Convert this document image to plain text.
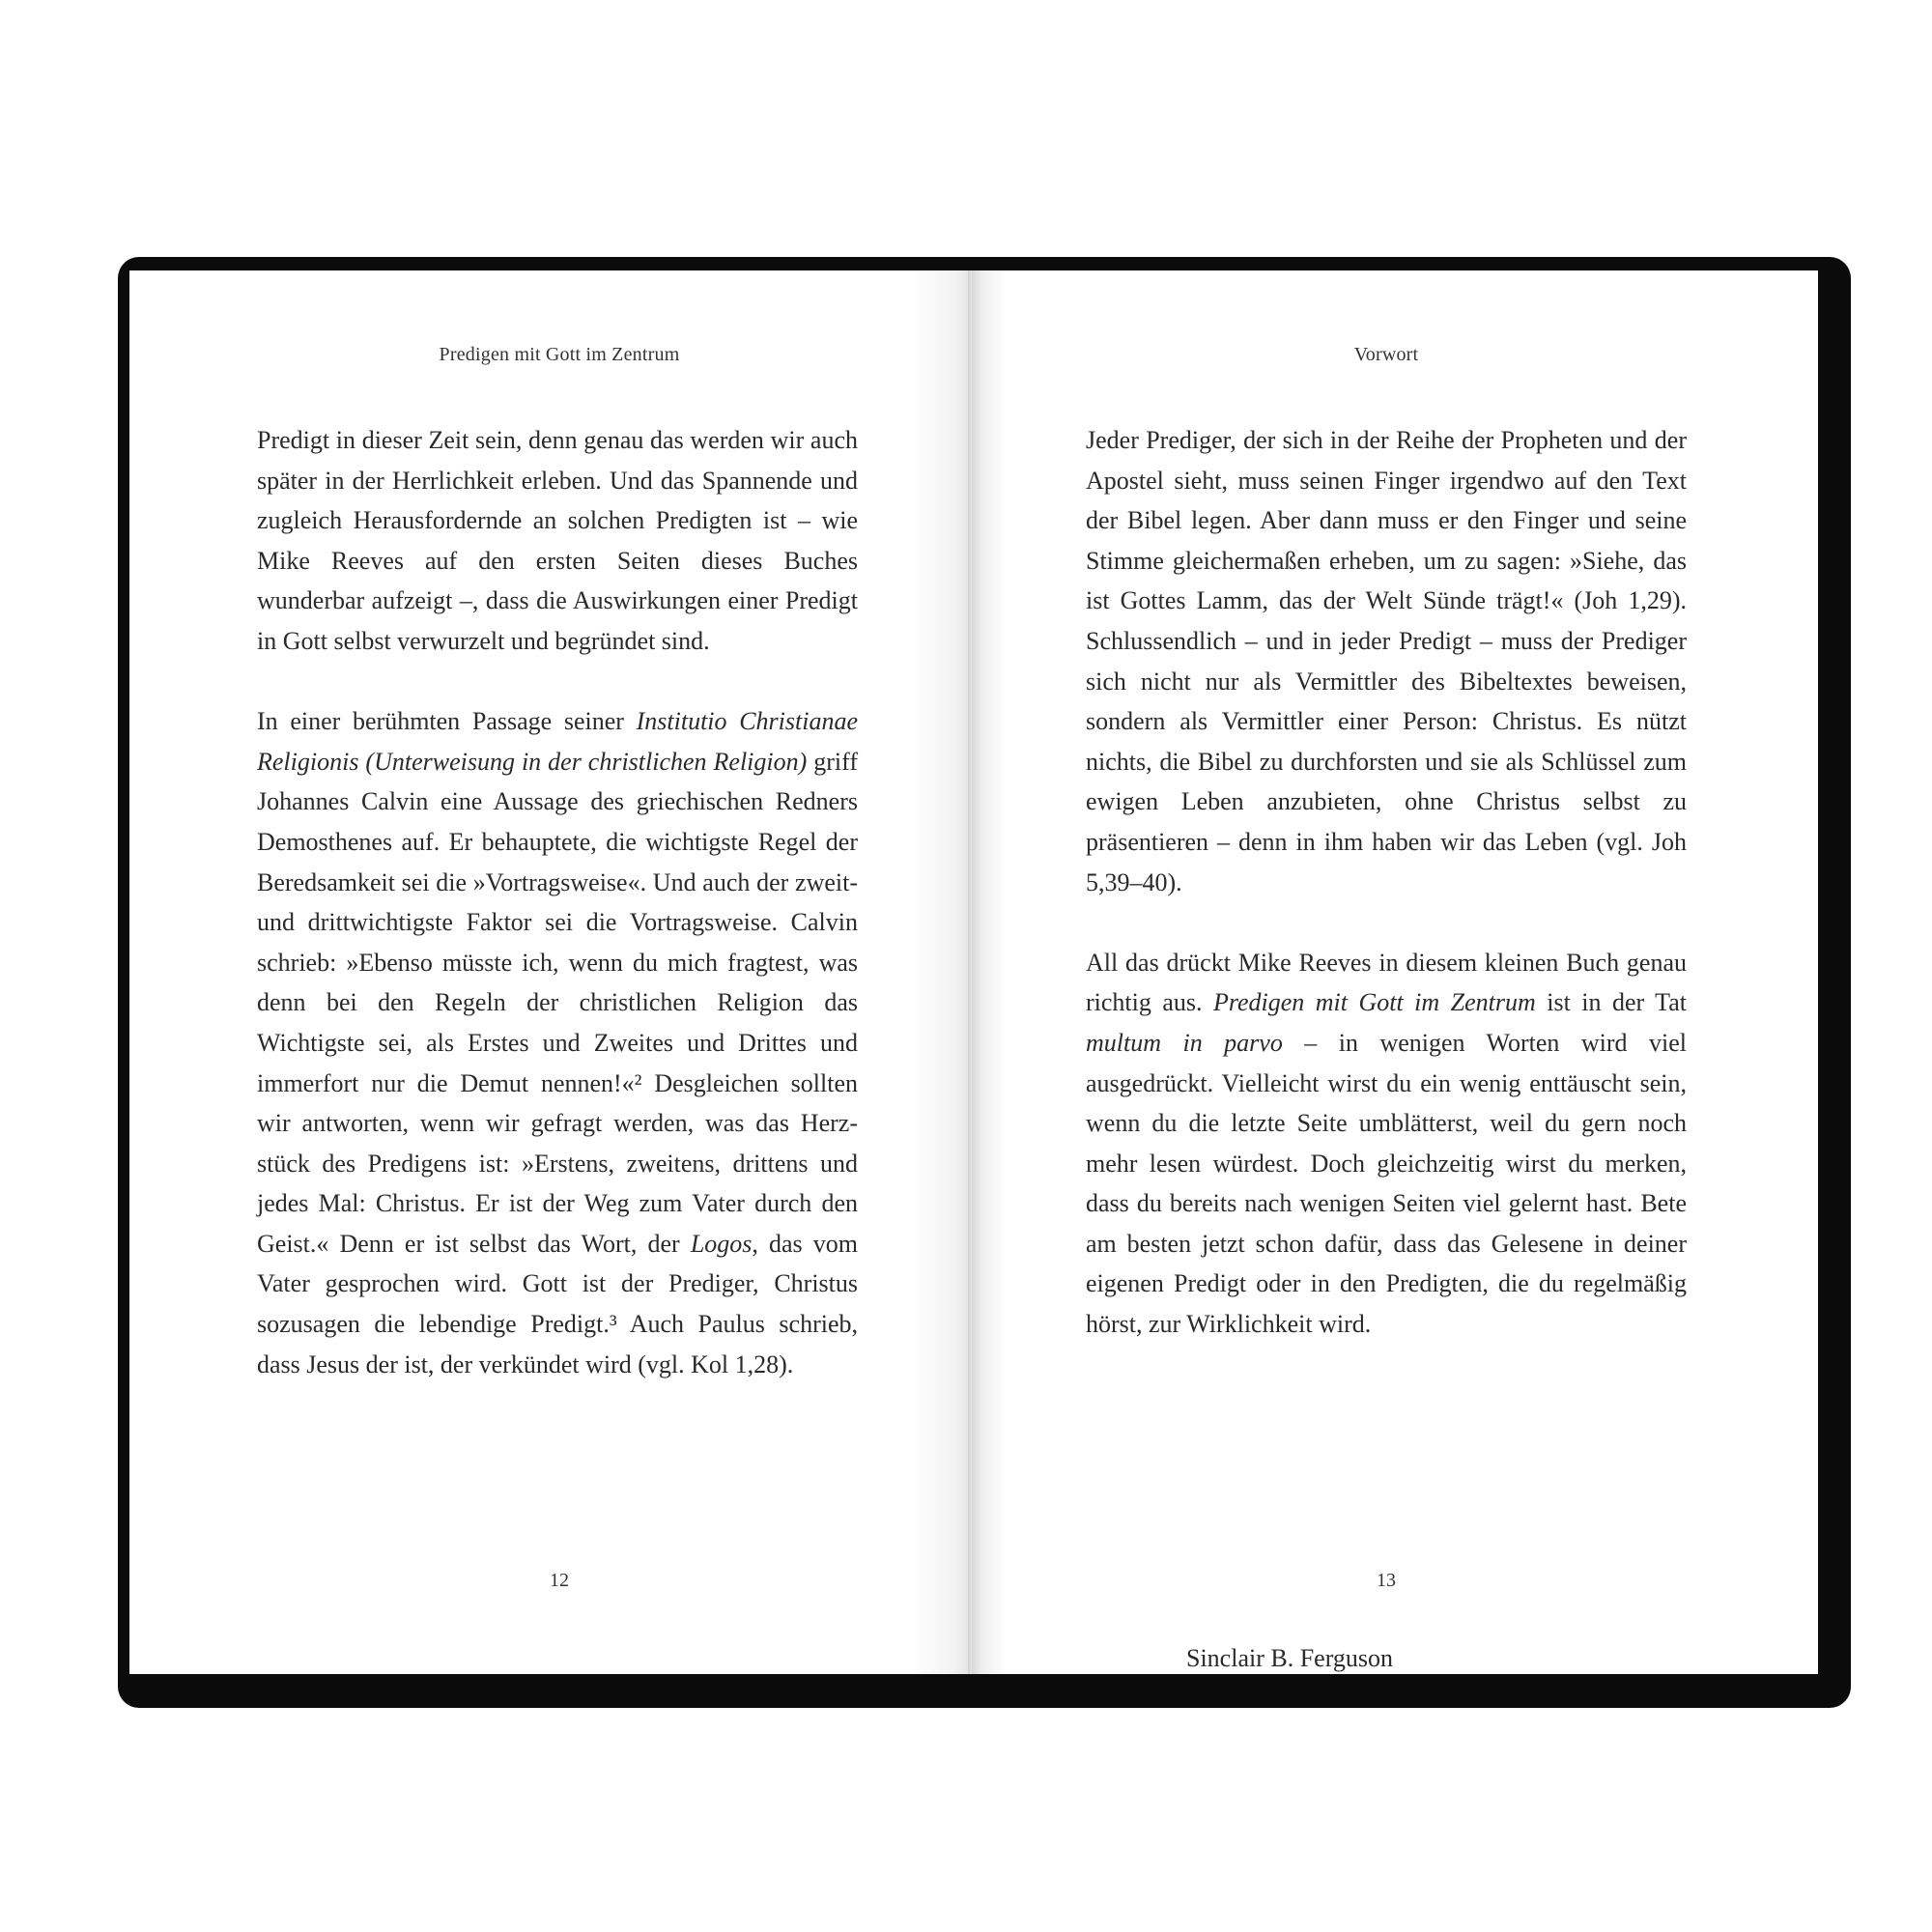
Predigen mit Gott im Zentrum

Predigt in dieser Zeit sein, denn genau das werden wir auch später in der Herrlichkeit erleben. Und das Spannende und zugleich Herausfordernde an solchen Predigten ist – wie Mike Reeves auf den ersten Seiten dieses Buches wunderbar aufzeigt –, dass die Auswirkungen einer Predigt in Gott selbst verwurzelt und begründet sind.

In einer berühmten Passage seiner Institutio Christianae Religionis (Unterweisung in der christlichen Religion) griff Johannes Calvin eine Aussage des griechischen Redners Demosthenes auf. Er behauptete, die wichtigste Regel der Beredsamkeit sei die »Vortragsweise«. Und auch der zweit- und drittwichtigste Faktor sei die Vortragsweise. Calvin schrieb: »Ebenso müsste ich, wenn du mich fragtest, was denn bei den Regeln der christlichen Religion das Wichtigste sei, als Erstes und Zweites und Drittes und immerfort nur die Demut nennen!«² Desgleichen sollten wir antworten, wenn wir gefragt werden, was das Herzstück des Predigens ist: »Erstens, zweitens, drittens und jedes Mal: Christus. Er ist der Weg zum Vater durch den Geist.« Denn er ist selbst das Wort, der Logos, das vom Vater gesprochen wird. Gott ist der Prediger, Christus sozusagen die lebendige Predigt.³ Auch Paulus schrieb, dass Jesus der ist, der verkündet wird (vgl. Kol 1,28).

12
Vorwort

Jeder Prediger, der sich in der Reihe der Propheten und der Apostel sieht, muss seinen Finger irgendwo auf den Text der Bibel legen. Aber dann muss er den Finger und seine Stimme gleichermaßen erheben, um zu sagen: »Siehe, das ist Gottes Lamm, das der Welt Sünde trägt!« (Joh 1,29). Schlussendlich – und in jeder Predigt – muss der Prediger sich nicht nur als Vermittler des Bibeltextes beweisen, sondern als Vermittler einer Person: Christus. Es nützt nichts, die Bibel zu durchforsten und sie als Schlüssel zum ewigen Leben anzubieten, ohne Christus selbst zu präsentieren – denn in ihm haben wir das Leben (vgl. Joh 5,39–40).

All das drückt Mike Reeves in diesem kleinen Buch genau richtig aus. Predigen mit Gott im Zentrum ist in der Tat multum in parvo – in wenigen Worten wird viel ausgedrückt. Vielleicht wirst du ein wenig enttäuscht sein, wenn du die letzte Seite umblätterst, weil du gern noch mehr lesen würdest. Doch gleichzeitig wirst du merken, dass du bereits nach wenigen Seiten viel gelernt hast. Bete am besten jetzt schon dafür, dass das Gelesene in deiner eigenen Predigt oder in den Predigten, die du regelmäßig hörst, zur Wirklichkeit wird.

Sinclair B. Ferguson
13
